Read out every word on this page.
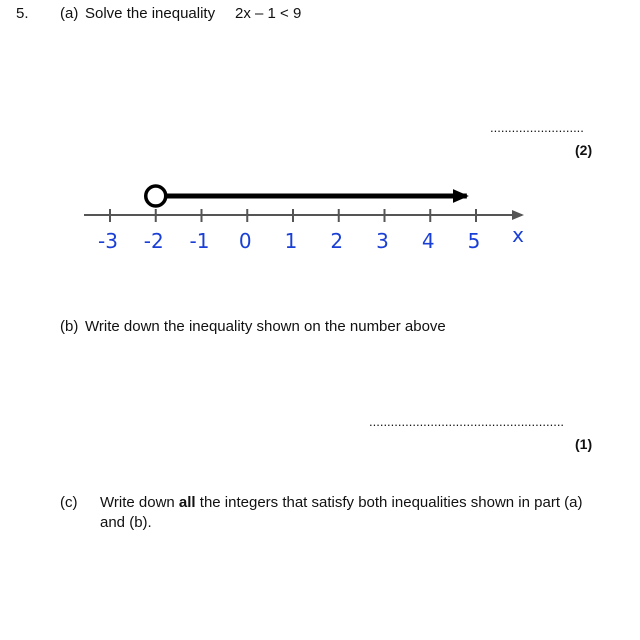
5. (a) Solve the inequality 2x – 1 < 9
..........................
(2)
-3 -2 -1 0 1 2 3 4 5 x
(b) Write down the inequality shown on the number above
......................................................
(1)
(c) Write down all the integers that satisfy both inequalities shown in part (a)
and (b).
